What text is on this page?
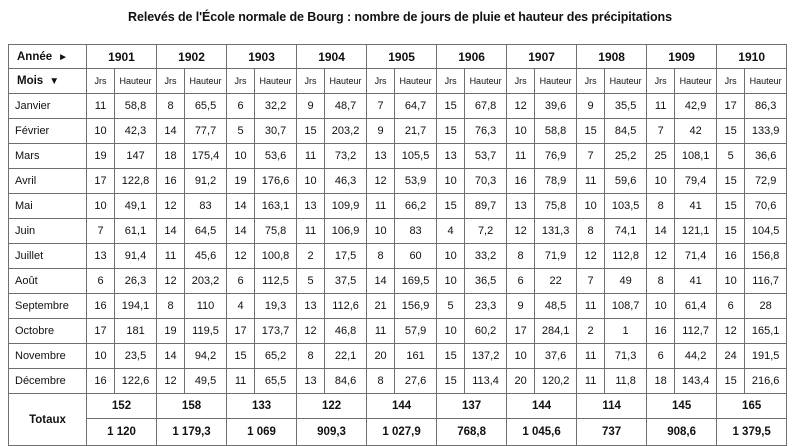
Relevés de l'École normale de Bourg : nombre de jours de pluie et hauteur des précipitations
Année ►	1901		1902		1903		1904		1905		1906		1907		1908		1909		1910	
Mois ▼	Jrs	Hauteur	Jrs	Hauteur	Jrs	Hauteur	Jrs	Hauteur	Jrs	Hauteur	Jrs	Hauteur	Jrs	Hauteur	Jrs	Hauteur	Jrs	Hauteur	Jrs	Hauteur
Janvier	11	58,8	8	65,5	6	32,2	9	48,7	7	64,7	15	67,8	12	39,6	9	35,5	11	42,9	17	86,3
Février	10	42,3	14	77,7	5	30,7	15	203,2	9	21,7	15	76,3	10	58,8	15	84,5	7	42	15	133,9
Mars	19	147	18	175,4	10	53,6	11	73,2	13	105,5	13	53,7	11	76,9	7	25,2	25	108,1	5	36,6
Avril	17	122,8	16	91,2	19	176,6	10	46,3	12	53,9	10	70,3	16	78,9	11	59,6	10	79,4	15	72,9
Mai	10	49,1	12	83	14	163,1	13	109,9	11	66,2	15	89,7	13	75,8	10	103,5	8	41	15	70,6
Juin	7	61,1	14	64,5	14	75,8	11	106,9	10	83	4	7,2	12	131,3	8	74,1	14	121,1	15	104,5
Juillet	13	91,4	11	45,6	12	100,8	2	17,5	8	60	10	33,2	8	71,9	12	112,8	12	71,4	16	156,8
Août	6	26,3	12	203,2	6	112,5	5	37,5	14	169,5	10	36,5	6	22	7	49	8	41	10	116,7
Septembre	16	194,1	8	110	4	19,3	13	112,6	21	156,9	5	23,3	9	48,5	11	108,7	10	61,4	6	28
Octobre	17	181	19	119,5	17	173,7	12	46,8	11	57,9	10	60,2	17	284,1	2	1	16	112,7	12	165,1
Novembre	10	23,5	14	94,2	15	65,2	8	22,1	20	161	15	137,2	10	37,6	11	71,3	6	44,2	24	191,5
Décembre	16	122,6	12	49,5	11	65,5	13	84,6	8	27,6	15	113,4	20	120,2	11	11,8	18	143,4	15	216,6
Totaux	152		158		133		122		144		137		144		114		145		165	
	1 120		1 179,3		1 069		909,3		1 027,9		768,8		1 045,6		737		908,6		1 379,5	
